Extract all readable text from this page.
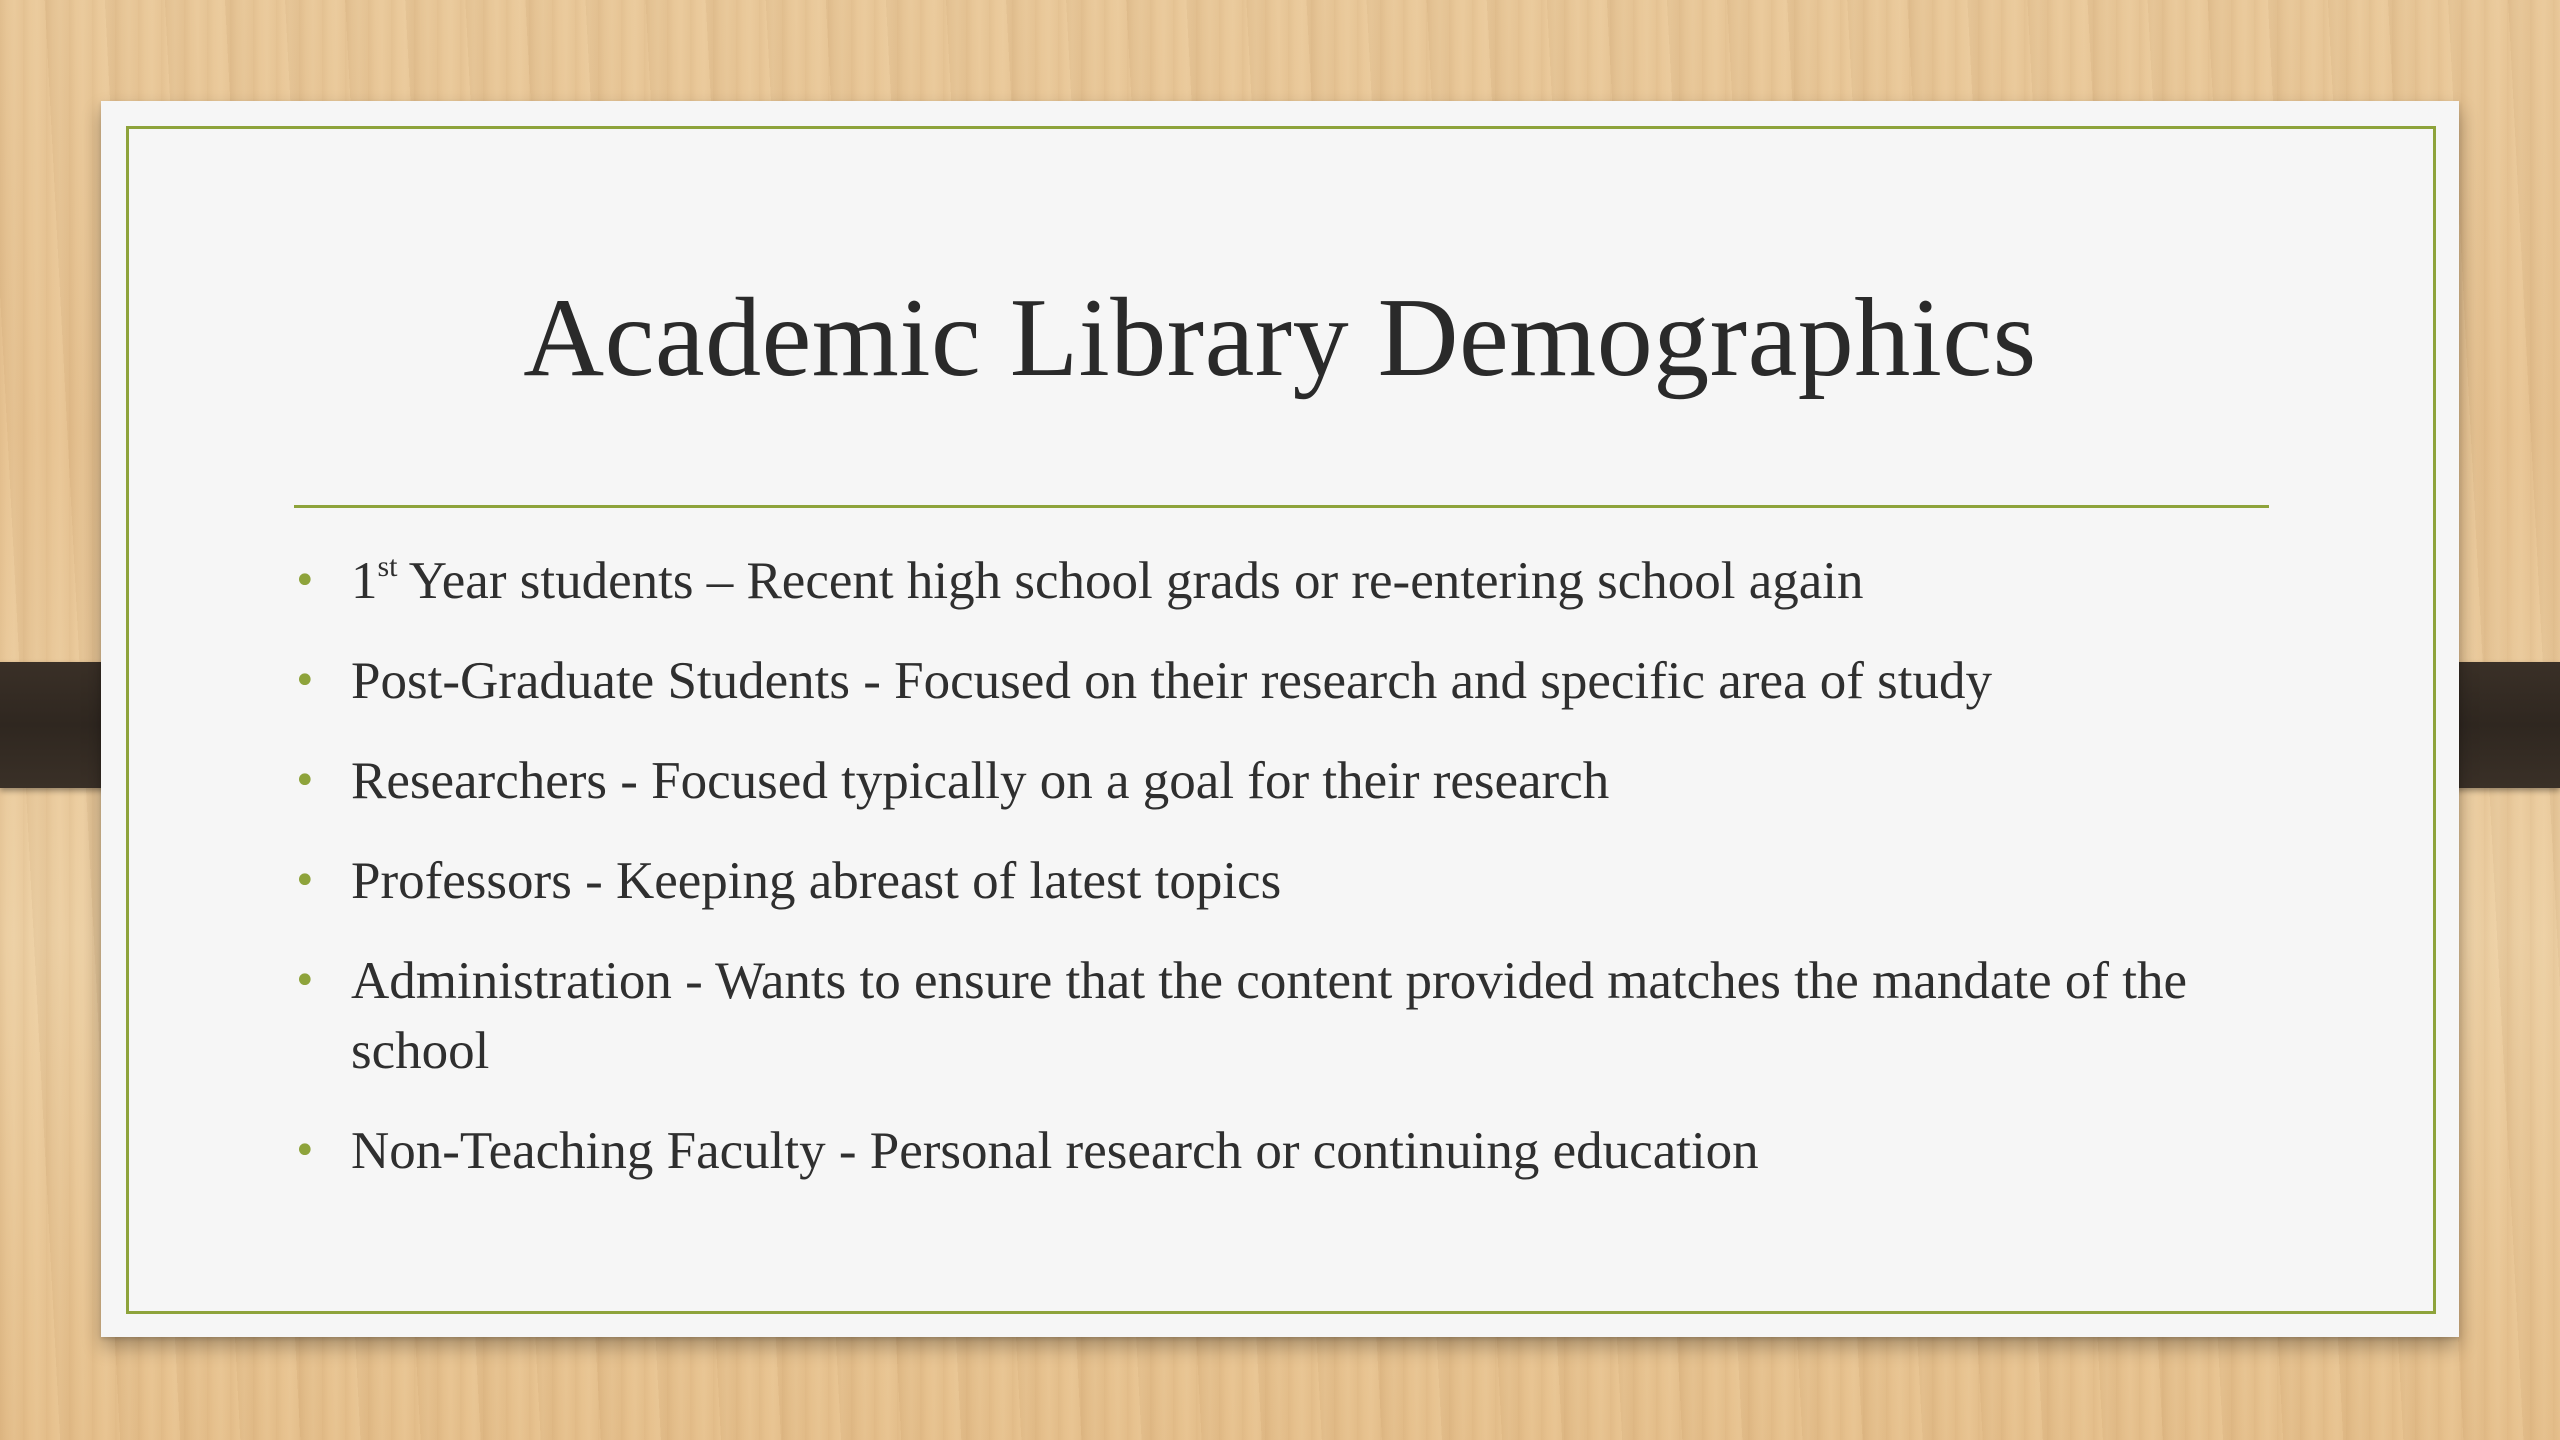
Academic Library Demographics
• 1st Year students – Recent high school grads or re-entering school again
• Post-Graduate Students - Focused on their research and specific area of study
• Researchers - Focused typically on a goal for their research
• Professors - Keeping abreast of latest topics
• Administration - Wants to ensure that the content provided matches the mandate of the school
• Non-Teaching Faculty - Personal research or continuing education
